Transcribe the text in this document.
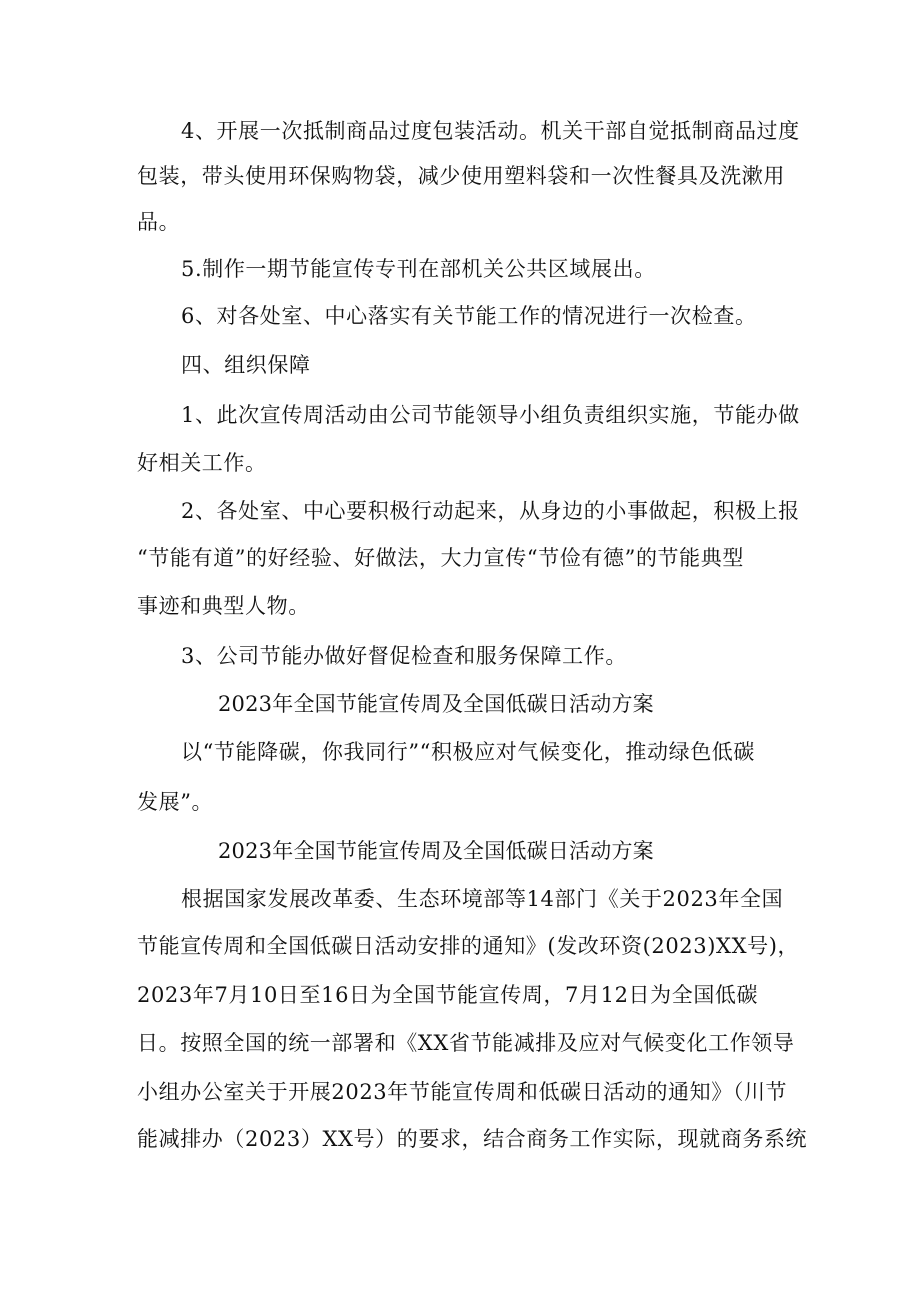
4、开展一次抵制商品过度包装活动。机关干部自觉抵制商品过度
包装，带头使用环保购物袋，减少使用塑料袋和一次性餐具及洗漱用
品。
5.制作一期节能宣传专刊在部机关公共区域展出。
6、对各处室、中心落实有关节能工作的情况进行一次检查。
四、组织保障
1、此次宣传周活动由公司节能领导小组负责组织实施，节能办做
好相关工作。
2、各处室、中心要积极行动起来，从身边的小事做起，积极上报
“节能有道”的好经验、好做法，大力宣传“节俭有德”的节能典型
事迹和典型人物。
3、公司节能办做好督促检查和服务保障工作。
2023年全国节能宣传周及全国低碳日活动方案
以“节能降碳，你我同行”“积极应对气候变化，推动绿色低碳
发展”。
2023年全国节能宣传周及全国低碳日活动方案
根据国家发展改革委、生态环境部等14部门《关于2023年全国
节能宣传周和全国低碳日活动安排的通知》(发改环资(2023)XX号)，
2023年7月10日至16日为全国节能宣传周，7月12日为全国低碳
日。按照全国的统一部署和《XX省节能减排及应对气候变化工作领导
小组办公室关于开展2023年节能宣传周和低碳日活动的通知》（川节
能减排办（2023）XX号）的要求，结合商务工作实际，现就商务系统
